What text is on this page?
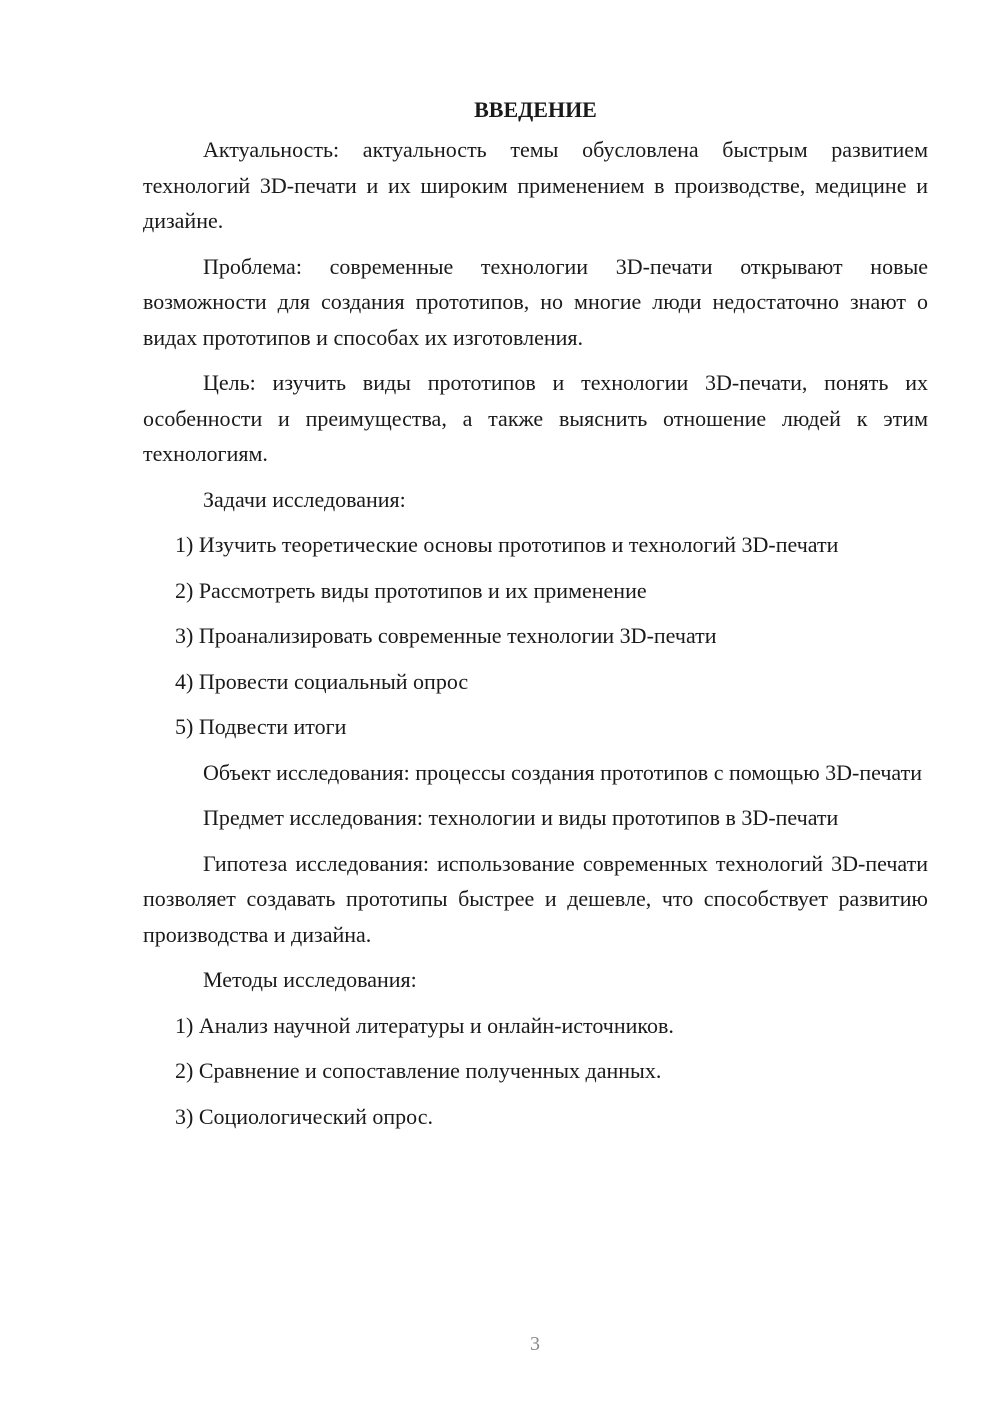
ВВЕДЕНИЕ

Актуальность: актуальность темы обусловлена быстрым развитием технологий 3D-печати и их широким применением в производстве, медицине и дизайне.

Проблема: современные технологии 3D-печати открывают новые возможности для создания прототипов, но многие люди недостаточно знают о видах прототипов и способах их изготовления.

Цель: изучить виды прототипов и технологии 3D-печати, понять их особенности и преимущества, а также выяснить отношение людей к этим технологиям.

Задачи исследования:

1) Изучить теоретические основы прототипов и технологий 3D-печати
2) Рассмотреть виды прототипов и их применение
3) Проанализировать современные технологии 3D-печати
4) Провести социальный опрос
5) Подвести итоги

Объект исследования: процессы создания прототипов с помощью 3D-печати

Предмет исследования: технологии и виды прототипов в 3D-печати

Гипотеза исследования: использование современных технологий 3D-печати позволяет создавать прототипы быстрее и дешевле, что способствует развитию производства и дизайна.

Методы исследования:

1) Анализ научной литературы и онлайн-источников.
2) Сравнение и сопоставление полученных данных.
3) Социологический опрос.
3
